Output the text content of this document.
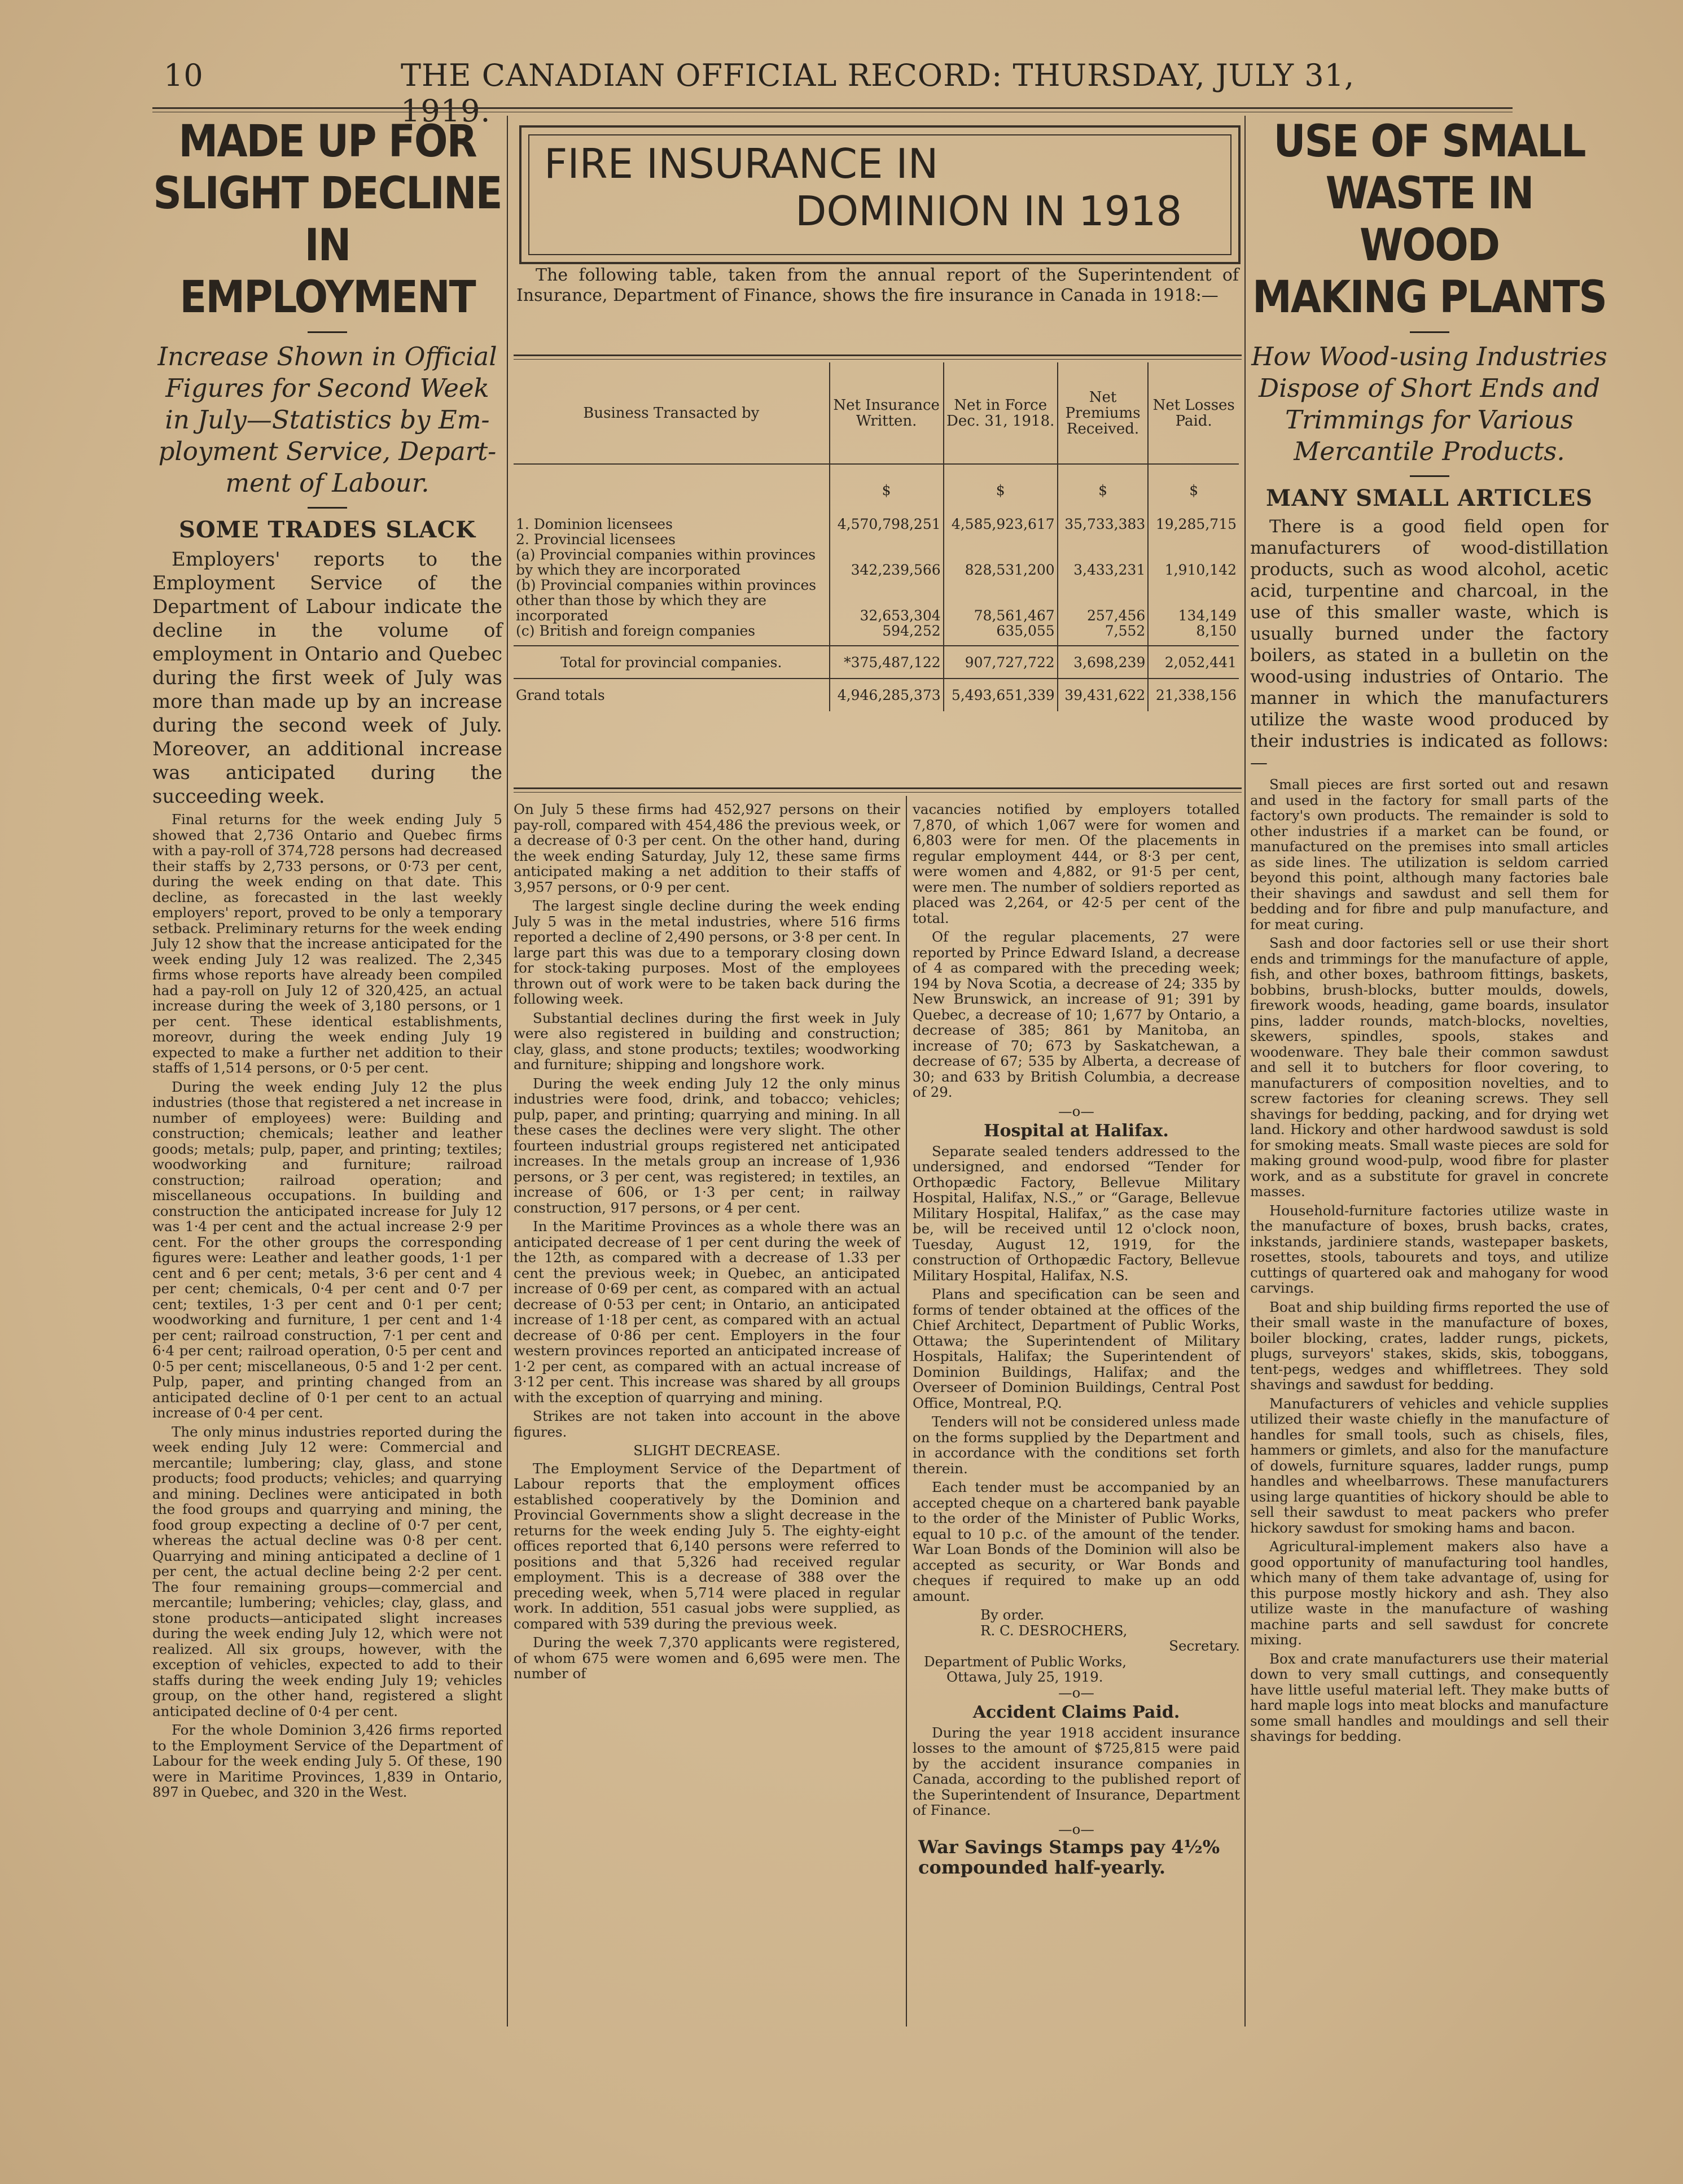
10	THE CANADIAN OFFICIAL RECORD: THURSDAY, JULY 31, 1919.
MADE UP FOR
SLIGHT DECLINE
IN EMPLOYMENT
Increase Shown in Official
Figures for Second Week
in July—Statistics by Em-
ployment Service, Depart-
ment of Labour.
SOME TRADES SLACK

Employers' reports to the Employment Service of the Department of Labour indicate the decline in the volume of employment in Ontario and Quebec during the first week of July was more than made up by an increase during the second week of July. Moreover, an additional increase was anticipated during the succeeding week.

Final returns for the week ending July 5 showed that 2,736 Ontario and Quebec firms with a pay-roll of 374,728 persons had decreased their staffs by 2,733 persons, or 0·73 per cent, during the week ending on that date. This decline, as forecasted in the last weekly employers' report, proved to be only a temporary setback. Preliminary returns for the week ending July 12 show that the increase anticipated for the week ending July 12 was realized. The 2,345 firms whose reports have already been compiled had a pay-roll on July 12 of 320,425, an actual increase during the week of 3,180 persons, or 1 per cent. These identical establishments, moreovr, during the week ending July 19 expected to make a further net addition to their staffs of 1,514 persons, or 0·5 per cent.

During the week ending July 12 the plus industries (those that registered a net increase in number of employees) were: Building and construction; chemicals; leather and leather goods; metals; pulp, paper, and printing; textiles; woodworking and furniture; railroad construction; railroad operation; and miscellaneous occupations. In building and construction the anticipated increase for July 12 was 1·4 per cent and the actual increase 2·9 per cent. For the other groups the corresponding figures were: Leather and leather goods, 1·1 per cent and 6 per cent; metals, 3·6 per cent and 4 per cent; chemicals, 0·4 per cent and 0·7 per cent; textiles, 1·3 per cent and 0·1 per cent; woodworking and furniture, 1 per cent and 1·4 per cent; railroad construction, 7·1 per cent and 6·4 per cent; railroad operation, 0·5 per cent and 0·5 per cent; miscellaneous, 0·5 and 1·2 per cent. Pulp, paper, and printing changed from an anticipated decline of 0·1 per cent to an actual increase of 0·4 per cent.

The only minus industries reported during the week ending July 12 were: Commercial and mercantile; lumbering; clay, glass, and stone products; food products; vehicles; and quarrying and mining. Declines were anticipated in both the food groups and quarrying and mining, the food group expecting a decline of 0·7 per cent, whereas the actual decline was 0·8 per cent. Quarrying and mining anticipated a decline of 1 per cent, the actual decline being 2·2 per cent. The four remaining groups—commercial and mercantile; lumbering; vehicles; clay, glass, and stone products—anticipated slight increases during the week ending July 12, which were not realized. All six groups, however, with the exception of vehicles, expected to add to their staffs during the week ending July 19; vehicles group, on the other hand, registered a slight anticipated decline of 0·4 per cent.

For the whole Dominion 3,426 firms reported to the Employment Service of the Department of Labour for the week ending July 5. Of these, 190 were in Maritime Provinces, 1,839 in Ontario, 897 in Quebec, and 320 in the West.

FIRE INSURANCE IN
DOMINION IN 1918

The following table, taken from the annual report of the Superintendent of Insurance, Department of Finance, shows the fire insurance in Canada in 1918:—

Business Transacted by	Net Insurance Written.	Net in Force Dec. 31, 1918.	Net Premiums Received.	Net Losses Paid.
	$	$	$	$
1. Dominion licensees	4,570,798,251	4,585,923,617	35,733,383	19,285,715
2. Provincial licensees				
(a) Provincial companies within provinces by which they are incorporated	342,239,566	828,531,200	3,433,231	1,910,142
(b) Provincial companies within provinces other than those by which they are incorporated	32,653,304	78,561,467	257,456	134,149
(c) British and foreign companies	594,252	635,055	7,552	8,150
Total for provincial companies.	*375,487,122	907,727,722	3,698,239	2,052,441
Grand totals	4,946,285,373	5,493,651,339	39,431,622	21,338,156

On July 5 these firms had 452,927 persons on their pay-roll, compared with 454,486 the previous week, or a decrease of 0·3 per cent. On the other hand, during the week ending Saturday, July 12, these same firms anticipated making a net addition to their staffs of 3,957 persons, or 0·9 per cent.

The largest single decline during the week ending July 5 was in the metal industries, where 516 firms reported a decline of 2,490 persons, or 3·8 per cent. In large part this was due to a temporary closing down for stock-taking purposes. Most of the employees thrown out of work were to be taken back during the following week.

Substantial declines during the first week in July were also registered in building and construction; clay, glass, and stone products; textiles; woodworking and furniture; shipping and longshore work.

During the week ending July 12 the only minus industries were food, drink, and tobacco; vehicles; pulp, paper, and printing; quarrying and mining. In all these cases the declines were very slight. The other fourteen industrial groups registered net anticipated increases. In the metals group an increase of 1,936 persons, or 3 per cent, was registered; in textiles, an increase of 606, or 1·3 per cent; in railway construction, 917 persons, or 4 per cent.

In the Maritime Provinces as a whole there was an anticipated decrease of 1 per cent during the week of the 12th, as compared with a decrease of 1.33 per cent the previous week; in Quebec, an anticipated increase of 0·69 per cent, as compared with an actual decrease of 0·53 per cent; in Ontario, an anticipated increase of 1·18 per cent, as compared with an actual decrease of 0·86 per cent. Employers in the four western provinces reported an anticipated increase of 1·2 per cent, as compared with an actual increase of 3·12 per cent. This increase was shared by all groups with the exception of quarrying and mining.

Strikes are not taken into account in the above figures.

SLIGHT DECREASE.

The Employment Service of the Department of Labour reports that the employment offices established cooperatively by the Dominion and Provincial Governments show a slight decrease in the returns for the week ending July 5. The eighty-eight offices reported that 6,140 persons were referred to positions and that 5,326 had received regular employment. This is a decrease of 388 over the preceding week, when 5,714 were placed in regular work. In addition, 551 casual jobs were supplied, as compared with 539 during the previous week.

During the week 7,370 applicants were registered, of whom 675 were women and 6,695 were men. The number of

vacancies notified by employers totalled 7,870, of which 1,067 were for women and 6,803 were for men. Of the placements in regular employment 444, or 8·3 per cent, were women and 4,882, or 91·5 per cent, were men. The number of soldiers reported as placed was 2,264, or 42·5 per cent of the total.

Of the regular placements, 27 were reported by Prince Edward Island, a decrease of 4 as compared with the preceding week; 194 by Nova Scotia, a decrease of 24; 335 by New Brunswick, an increase of 91; 391 by Quebec, a decrease of 10; 1,677 by Ontario, a decrease of 385; 861 by Manitoba, an increase of 70; 673 by Saskatchewan, a decrease of 67; 535 by Alberta, a decrease of 30; and 633 by British Columbia, a decrease of 29.

—o—
Hospital at Halifax.

Separate sealed tenders addressed to the undersigned, and endorsed “Tender for Orthopædic Factory, Bellevue Military Hospital, Halifax, N.S.,” or “Garage, Bellevue Military Hospital, Halifax,” as the case may be, will be received until 12 o'clock noon, Tuesday, August 12, 1919, for the construction of Orthopædic Factory, Bellevue Military Hospital, Halifax, N.S.

Plans and specification can be seen and forms of tender obtained at the offices of the Chief Architect, Department of Public Works, Ottawa; the Superintendent of Military Hospitals, Halifax; the Superintendent of Dominion Buildings, Halifax; and the Overseer of Dominion Buildings, Central Post Office, Montreal, P.Q.

Tenders will not be considered unless made on the forms supplied by the Department and in accordance with the conditions set forth therein.

Each tender must be accompanied by an accepted cheque on a chartered bank payable to the order of the Minister of Public Works, equal to 10 p.c. of the amount of the tender. War Loan Bonds of the Dominion will also be accepted as security, or War Bonds and cheques if required to make up an odd amount.

By order.
R. C. DESROCHERS,
Secretary.
Department of Public Works,
Ottawa, July 25, 1919.
—o—
Accident Claims Paid.

During the year 1918 accident insurance losses to the amount of $725,815 were paid by the accident insurance companies in Canada, according to the published report of the Superintendent of Insurance, Department of Finance.

—o—
War Savings Stamps pay 4½% compounded half-yearly.
USE OF SMALL
WASTE IN WOOD
MAKING PLANTS
How Wood-using Industries
Dispose of Short Ends and
Trimmings for Various
Mercantile Products.
MANY SMALL ARTICLES

There is a good field open for manufacturers of wood-distillation products, such as wood alcohol, acetic acid, turpentine and charcoal, in the use of this smaller waste, which is usually burned under the factory boilers, as stated in a bulletin on the wood-using industries of Ontario. The manner in which the manufacturers utilize the waste wood produced by their industries is indicated as follows:—

Small pieces are first sorted out and resawn and used in the factory for small parts of the factory's own products. The remainder is sold to other industries if a market can be found, or manufactured on the premises into small articles as side lines. The utilization is seldom carried beyond this point, although many factories bale their shavings and sawdust and sell them for bedding and for fibre and pulp manufacture, and for meat curing.

Sash and door factories sell or use their short ends and trimmings for the manufacture of apple, fish, and other boxes, bathroom fittings, baskets, bobbins, brush-blocks, butter moulds, dowels, firework woods, heading, game boards, insulator pins, ladder rounds, match-blocks, novelties, skewers, spindles, spools, stakes and woodenware. They bale their common sawdust and sell it to butchers for floor covering, to manufacturers of composition novelties, and to screw factories for cleaning screws. They sell shavings for bedding, packing, and for drying wet land. Hickory and other hardwood sawdust is sold for smoking meats. Small waste pieces are sold for making ground wood-pulp, wood fibre for plaster work, and as a substitute for gravel in concrete masses.

Household-furniture factories utilize waste in the manufacture of boxes, brush backs, crates, inkstands, jardiniere stands, wastepaper baskets, rosettes, stools, tabourets and toys, and utilize cuttings of quartered oak and mahogany for wood carvings.

Boat and ship building firms reported the use of their small waste in the manufacture of boxes, boiler blocking, crates, ladder rungs, pickets, plugs, surveyors' stakes, skids, skis, toboggans, tent-pegs, wedges and whiffletrees. They sold shavings and sawdust for bedding.

Manufacturers of vehicles and vehicle supplies utilized their waste chiefly in the manufacture of handles for small tools, such as chisels, files, hammers or gimlets, and also for the manufacture of dowels, furniture squares, ladder rungs, pump handles and wheelbarrows. These manufacturers using large quantities of hickory should be able to sell their sawdust to meat packers who prefer hickory sawdust for smoking hams and bacon.

Agricultural-implement makers also have a good opportunity of manufacturing tool handles, which many of them take advantage of, using for this purpose mostly hickory and ash. They also utilize waste in the manufacture of washing machine parts and sell sawdust for concrete mixing.

Box and crate manufacturers use their material down to very small cuttings, and consequently have little useful material left. They make butts of hard maple logs into meat blocks and manufacture some small handles and mouldings and sell their shavings for bedding.
